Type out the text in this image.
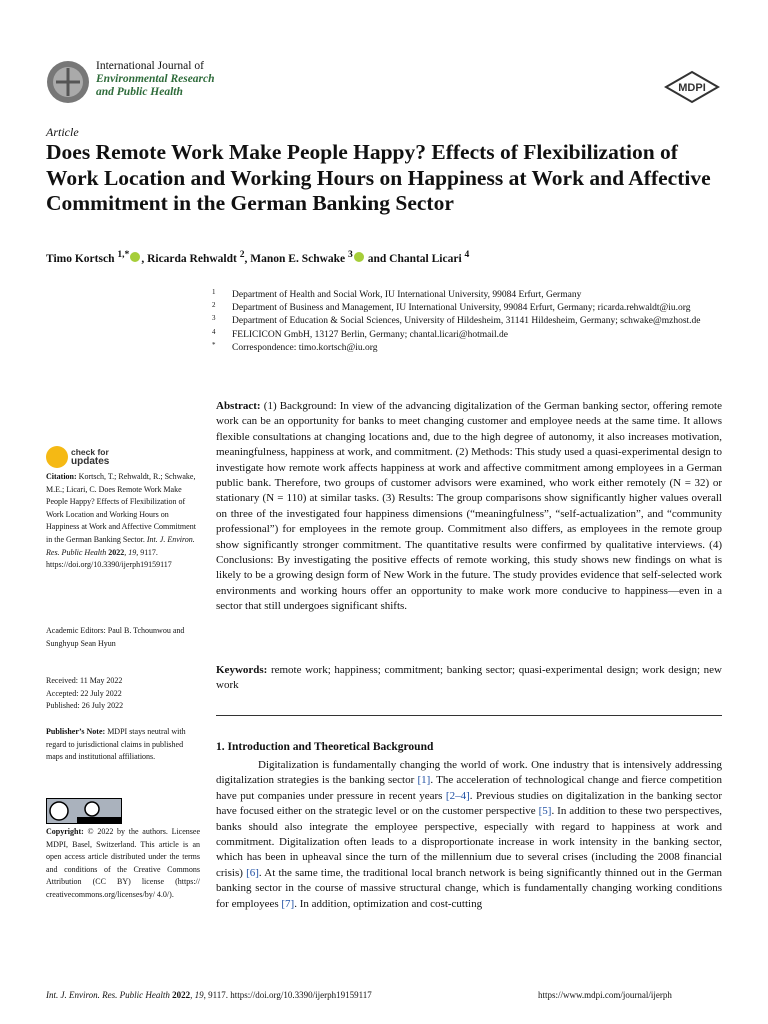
International Journal of
Environmental Research
and Public Health	MDPI
Article
Does Remote Work Make People Happy? Effects of Flexibilization of Work Location and Working Hours on Happiness at Work and Affective Commitment in the German Banking Sector
Timo Kortsch $^{1,*}$ , Ricarda Rehwaldt $^2$, Manon E. Schwake $^3$ and Chantal Licari $^4$
1 Department of Health and Social Work, IU International University, 99084 Erfurt, Germany
2 Department of Business and Management, IU International University, 99084 Erfurt, Germany; ricarda.rehwaldt@iu.org
3 Department of Education & Social Sciences, University of Hildesheim, 31141 Hildesheim, Germany; schwake@mzhost.de
4 FELICICON GmbH, 13127 Berlin, Germany; chantal.licari@hotmail.de
* Correspondence: timo.kortsch@iu.org
Abstract: (1) Background: In view of the advancing digitalization of the German banking sector, offering remote work can be an opportunity for banks to meet changing customer and employee needs at the same time. It allows flexible consultations at changing locations and, due to the high degree of autonomy, it also increases motivation, meaningfulness, happiness at work, and commitment. (2) Methods: This study used a quasi-experimental design to investigate how remote work affects happiness at work and affective commitment among employees in a German public bank. Therefore, two groups of customer advisors were examined, who work either remotely (N = 32) or stationary (N = 110) at similar tasks. (3) Results: The group comparisons show significantly higher values overall on three of the investigated four happiness dimensions (“meaningfulness”, “self-actualization”, and “community professional”) for employees in the remote group. Commitment also differs, as employees in the remote group show significantly stronger commitment. The quantitative results were confirmed by qualitative interviews. (4) Conclusions: By investigating the positive effects of remote working, this study shows new findings on what is likely to be a growing design form of New Work in the future. The study provides evidence that self-selected work environments and working hours offer an opportunity to make work more conducive to happiness—even in a sector that still undergoes significant shifts.
Keywords: remote work; happiness; commitment; banking sector; quasi-experimental design; work design; new work
1. Introduction and Theoretical Background
Digitalization is fundamentally changing the world of work. One industry that is intensively addressing digitalization strategies is the banking sector [1]. The acceleration of technological change and fierce competition have put companies under pressure in recent years [2–4]. Previous studies on digitalization in the banking sector have focused either on the strategic level or on the customer perspective [5]. In addition to these two perspectives, banks should also integrate the employee perspective, especially with regard to happiness at work and commitment. Digitalization often leads to a disproportionate increase in work intensity in the banking sector, which has been in upheaval since the turn of the millennium due to several crises (including the 2008 financial crisis) [6]. At the same time, the traditional local branch network is being significantly thinned out in the German banking sector in the course of massive structural change, which is fundamentally changing working conditions for employees [7]. In addition, optimization and cost-cutting
check for
updates
Citation: Kortsch, T.; Rehwaldt, R.; Schwake, M.E.; Licari, C. Does Remote Work Make People Happy? Effects of Flexibilization of Work Location and Working Hours on Happiness at Work and Affective Commitment in the German Banking Sector. Int. J. Environ. Res. Public Health 2022, 19, 9117. https://doi.org/10.3390/ijerph19159117
Academic Editors: Paul B. Tchounwou and Sunghyup Sean Hyun
Received: 11 May 2022
Accepted: 22 July 2022
Published: 26 July 2022
Publisher’s Note: MDPI stays neutral with regard to jurisdictional claims in published maps and institutional affiliations.
Copyright: © 2022 by the authors. Licensee MDPI, Basel, Switzerland. This article is an open access article distributed under the terms and conditions of the Creative Commons Attribution (CC BY) license (https:// creativecommons.org/licenses/by/ 4.0/).
Int. J. Environ. Res. Public Health 2022, 19, 9117. https://doi.org/10.3390/ijerph19159117	https://www.mdpi.com/journal/ijerph
